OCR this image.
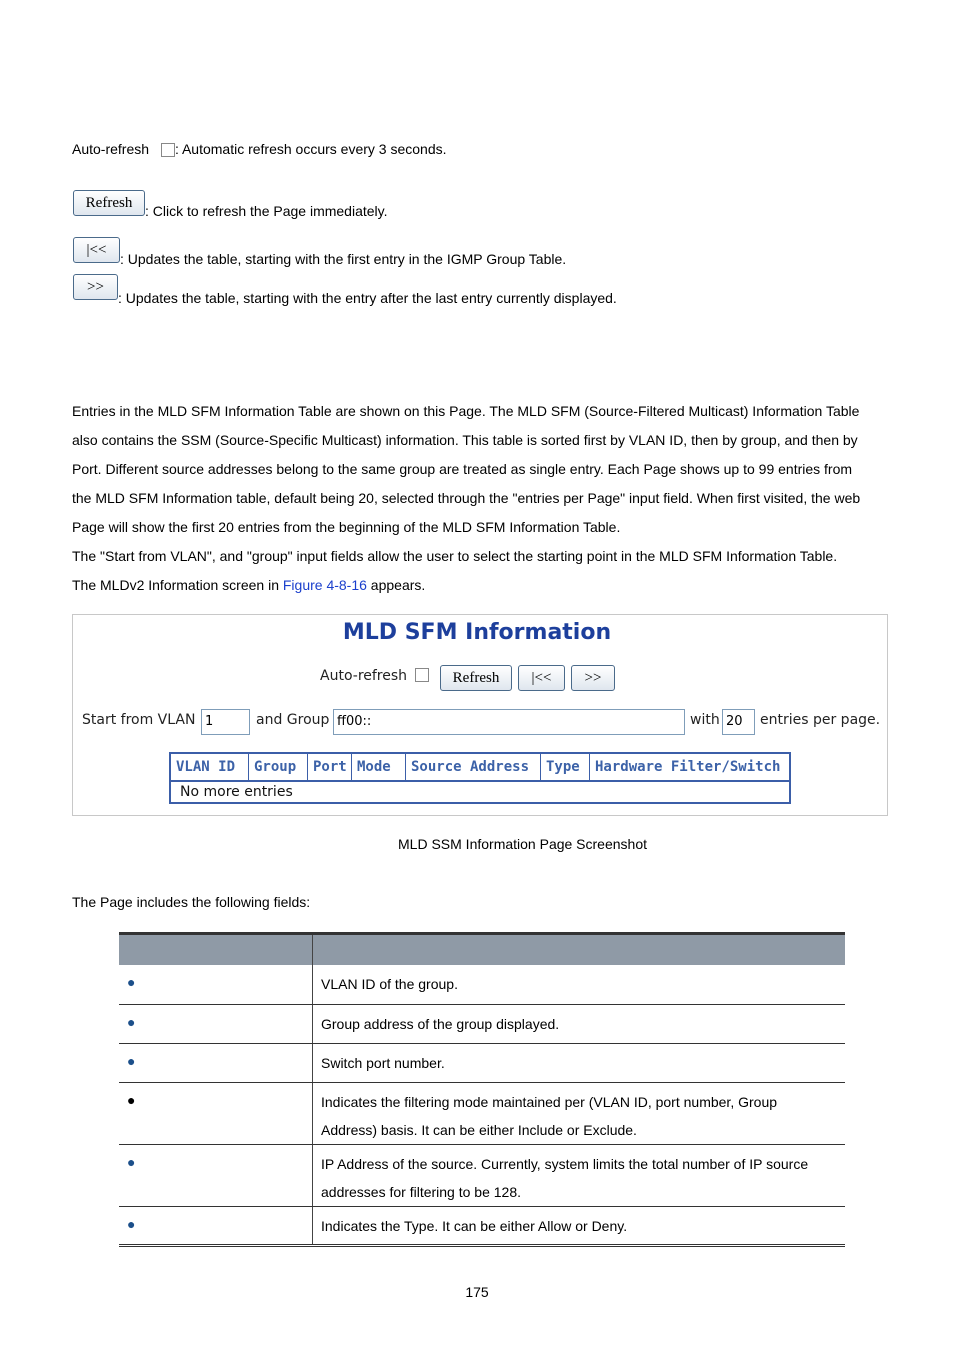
Auto-refresh : Automatic refresh occurs every 3 seconds.
Refresh : Click to refresh the Page immediately.
|<<
: Updates the table, starting with the first entry in the IGMP Group Table.
>>
: Updates the table, starting with the entry after the last entry currently displayed.
Entries in the MLD SFM Information Table are shown on this Page. The MLD SFM (Source-Filtered Multicast) Information Table
also contains the SSM (Source-Specific Multicast) information. This table is sorted first by VLAN ID, then by group, and then by
Port. Different source addresses belong to the same group are treated as single entry. Each Page shows up to 99 entries from
the MLD SFM Information table, default being 20, selected through the "entries per Page" input field. When first visited, the web
Page will show the first 20 entries from the beginning of the MLD SFM Information Table.
The "Start from VLAN", and "group" input fields allow the user to select the starting point in the MLD SFM Information Table.
The MLDv2 Information screen in Figure 4-8-16 appears.
MLD SFM Information
Auto-refresh	Refresh	|<<	>>
Start from VLAN 1	and Group ff00::	with 20	entries per page.
VLAN ID	Group	Port Mode	Source Address	Type	Hardware Filter/Switch
No more entries
MLD SSM Information Page Screenshot
The Page includes the following fields:

●	VLAN ID of the group.

●	Group address of the group displayed.

●	Switch port number.

●	Indicates the filtering mode maintained per (VLAN ID, port number, Group
Address) basis. It can be either Include or Exclude.

●	IP Address of the source. Currently, system limits the total number of IP source
addresses for filtering to be 128.

●	Indicates the Type. It can be either Allow or Deny.
175
